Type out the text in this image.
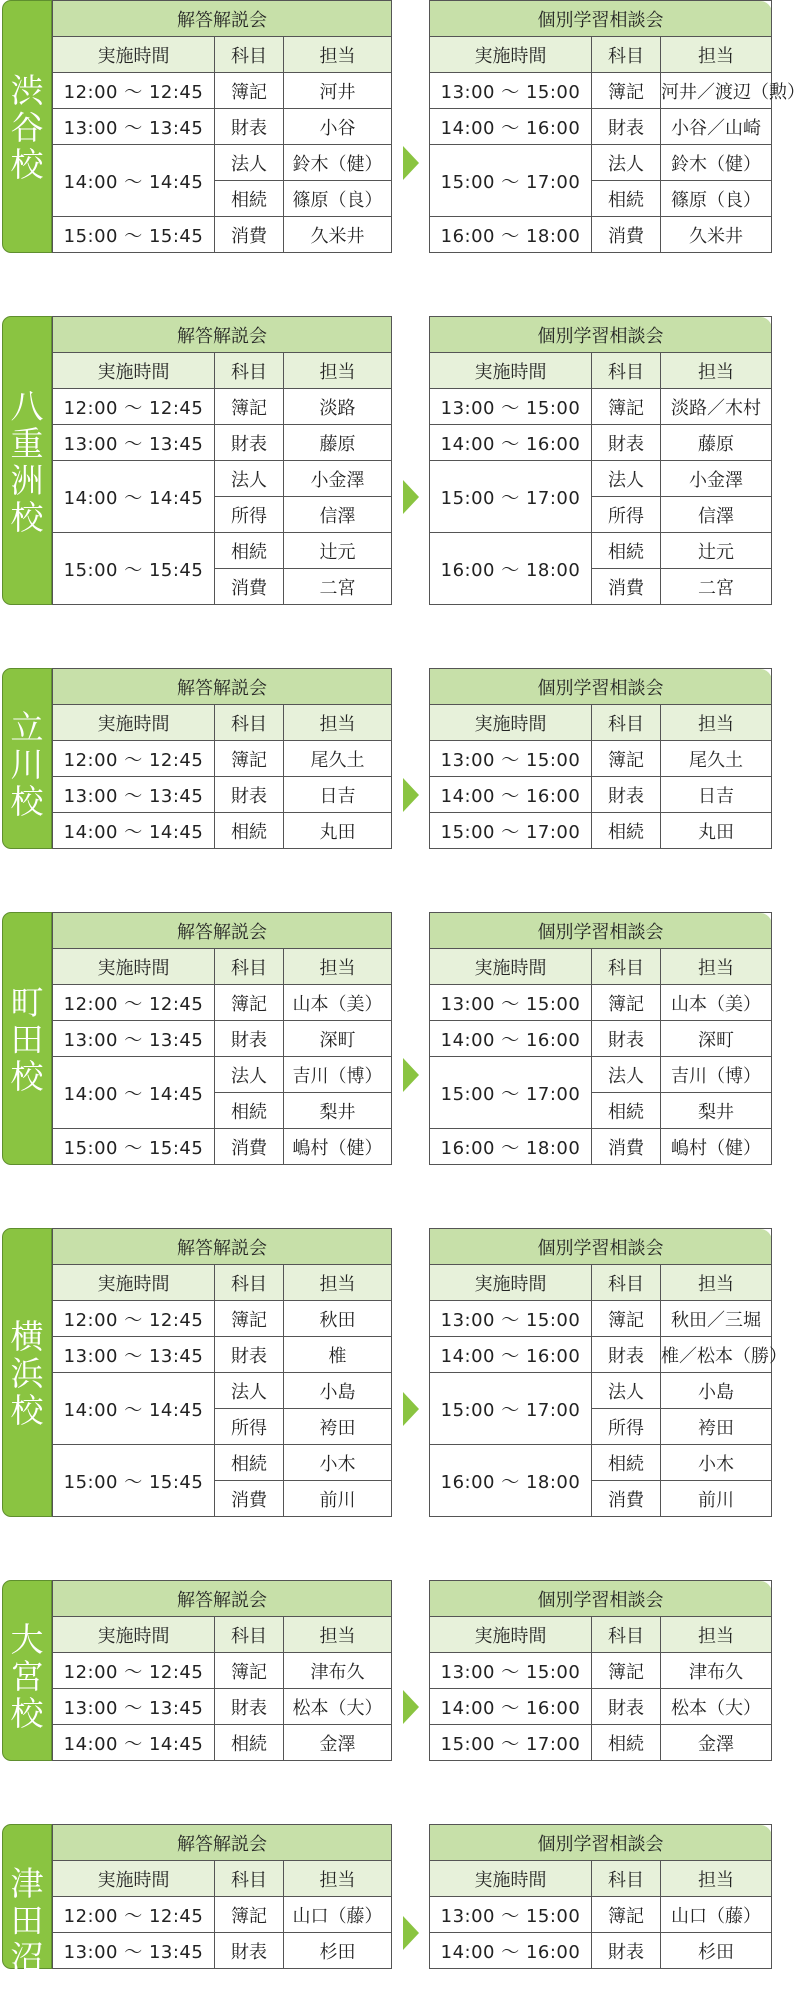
渋
谷
校
解答解説会		
実施時間	科目	担当
12:00 ～ 12:45	簿記	河井
13:00 ～ 13:45	財表	小谷
14:00 ～ 14:45	法人	鈴木（健）
	相続	篠原（良）
15:00 ～ 15:45	消費	久米井
個別学習相談会		
実施時間	科目	担当
13:00 ～ 15:00	簿記	河井／渡辺（勲）
14:00 ～ 16:00	財表	小谷／山崎
15:00 ～ 17:00	法人	鈴木（健）
	相続	篠原（良）
16:00 ～ 18:00	消費	久米井
八
重
洲
校
解答解説会		
実施時間	科目	担当
12:00 ～ 12:45	簿記	淡路
13:00 ～ 13:45	財表	藤原
14:00 ～ 14:45	法人	小金澤
	所得	信澤
15:00 ～ 15:45	相続	辻元
	消費	二宮
個別学習相談会		
実施時間	科目	担当
13:00 ～ 15:00	簿記	淡路／木村
14:00 ～ 16:00	財表	藤原
15:00 ～ 17:00	法人	小金澤
	所得	信澤
16:00 ～ 18:00	相続	辻元
	消費	二宮
立
川
校
解答解説会		
実施時間	科目	担当
12:00 ～ 12:45	簿記	尾久土
13:00 ～ 13:45	財表	日吉
14:00 ～ 14:45	相続	丸田
個別学習相談会		
実施時間	科目	担当
13:00 ～ 15:00	簿記	尾久土
14:00 ～ 16:00	財表	日吉
15:00 ～ 17:00	相続	丸田
町
田
校
解答解説会		
実施時間	科目	担当
12:00 ～ 12:45	簿記	山本（美）
13:00 ～ 13:45	財表	深町
14:00 ～ 14:45	法人	吉川（博）
	相続	梨井
15:00 ～ 15:45	消費	嶋村（健）
個別学習相談会		
実施時間	科目	担当
13:00 ～ 15:00	簿記	山本（美）
14:00 ～ 16:00	財表	深町
15:00 ～ 17:00	法人	吉川（博）
	相続	梨井
16:00 ～ 18:00	消費	嶋村（健）
横
浜
校
解答解説会		
実施時間	科目	担当
12:00 ～ 12:45	簿記	秋田
13:00 ～ 13:45	財表	椎
14:00 ～ 14:45	法人	小島
	所得	袴田
15:00 ～ 15:45	相続	小木
	消費	前川
個別学習相談会		
実施時間	科目	担当
13:00 ～ 15:00	簿記	秋田／三堀
14:00 ～ 16:00	財表	椎／松本（勝）
15:00 ～ 17:00	法人	小島
	所得	袴田
16:00 ～ 18:00	相続	小木
	消費	前川
大
宮
校
解答解説会		
実施時間	科目	担当
12:00 ～ 12:45	簿記	津布久
13:00 ～ 13:45	財表	松本（大）
14:00 ～ 14:45	相続	金澤
個別学習相談会		
実施時間	科目	担当
13:00 ～ 15:00	簿記	津布久
14:00 ～ 16:00	財表	松本（大）
15:00 ～ 17:00	相続	金澤
津
田
沼
校
解答解説会		
実施時間	科目	担当
12:00 ～ 12:45	簿記	山口（藤）
13:00 ～ 13:45	財表	杉田
個別学習相談会		
実施時間	科目	担当
13:00 ～ 15:00	簿記	山口（藤）
14:00 ～ 16:00	財表	杉田
